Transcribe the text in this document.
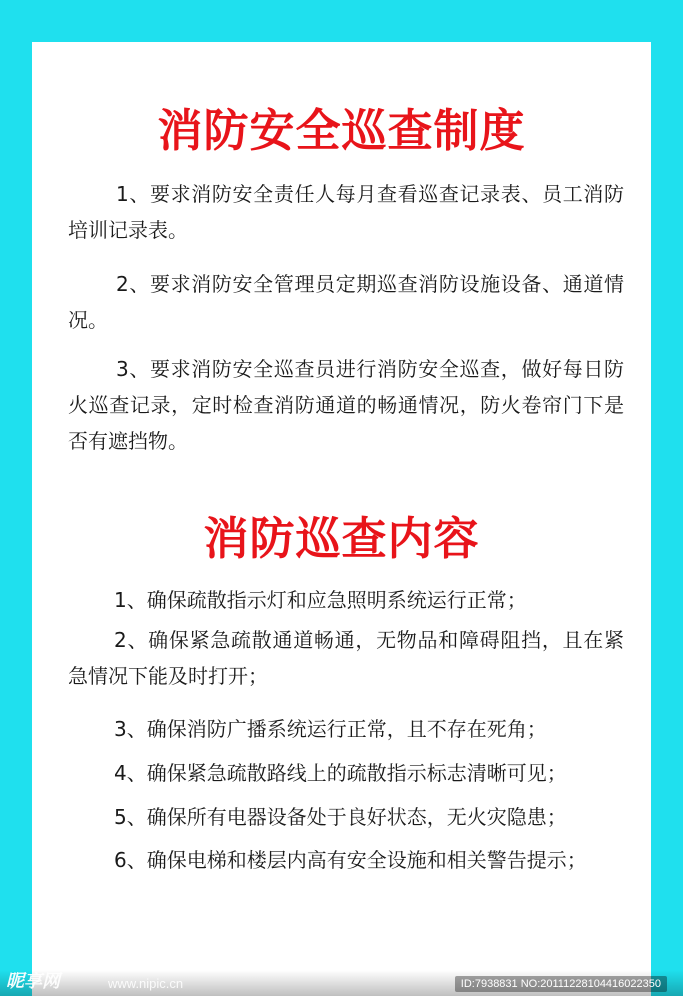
消防安全巡查制度

1、要求消防安全责任人每月查看巡查记录表、员工消防培训记录表。

2、要求消防安全管理员定期巡查消防设施设备、通道情况。

3、要求消防安全巡查员进行消防安全巡查，做好每日防火巡查记录，定时检查消防通道的畅通情况，防火卷帘门下是否有遮挡物。

消防巡查内容

1、确保疏散指示灯和应急照明系统运行正常；

2、确保紧急疏散通道畅通，无物品和障碍阻挡，且在紧急情况下能及时打开；

3、确保消防广播系统运行正常，且不存在死角；

4、确保紧急疏散路线上的疏散指示标志清晰可见；

5、确保所有电器设备处于良好状态，无火灾隐患；

6、确保电梯和楼层内高有安全设施和相关警告提示；

昵享网	www.nipic.cn	ID:7938831 NO:20111228104416022350
